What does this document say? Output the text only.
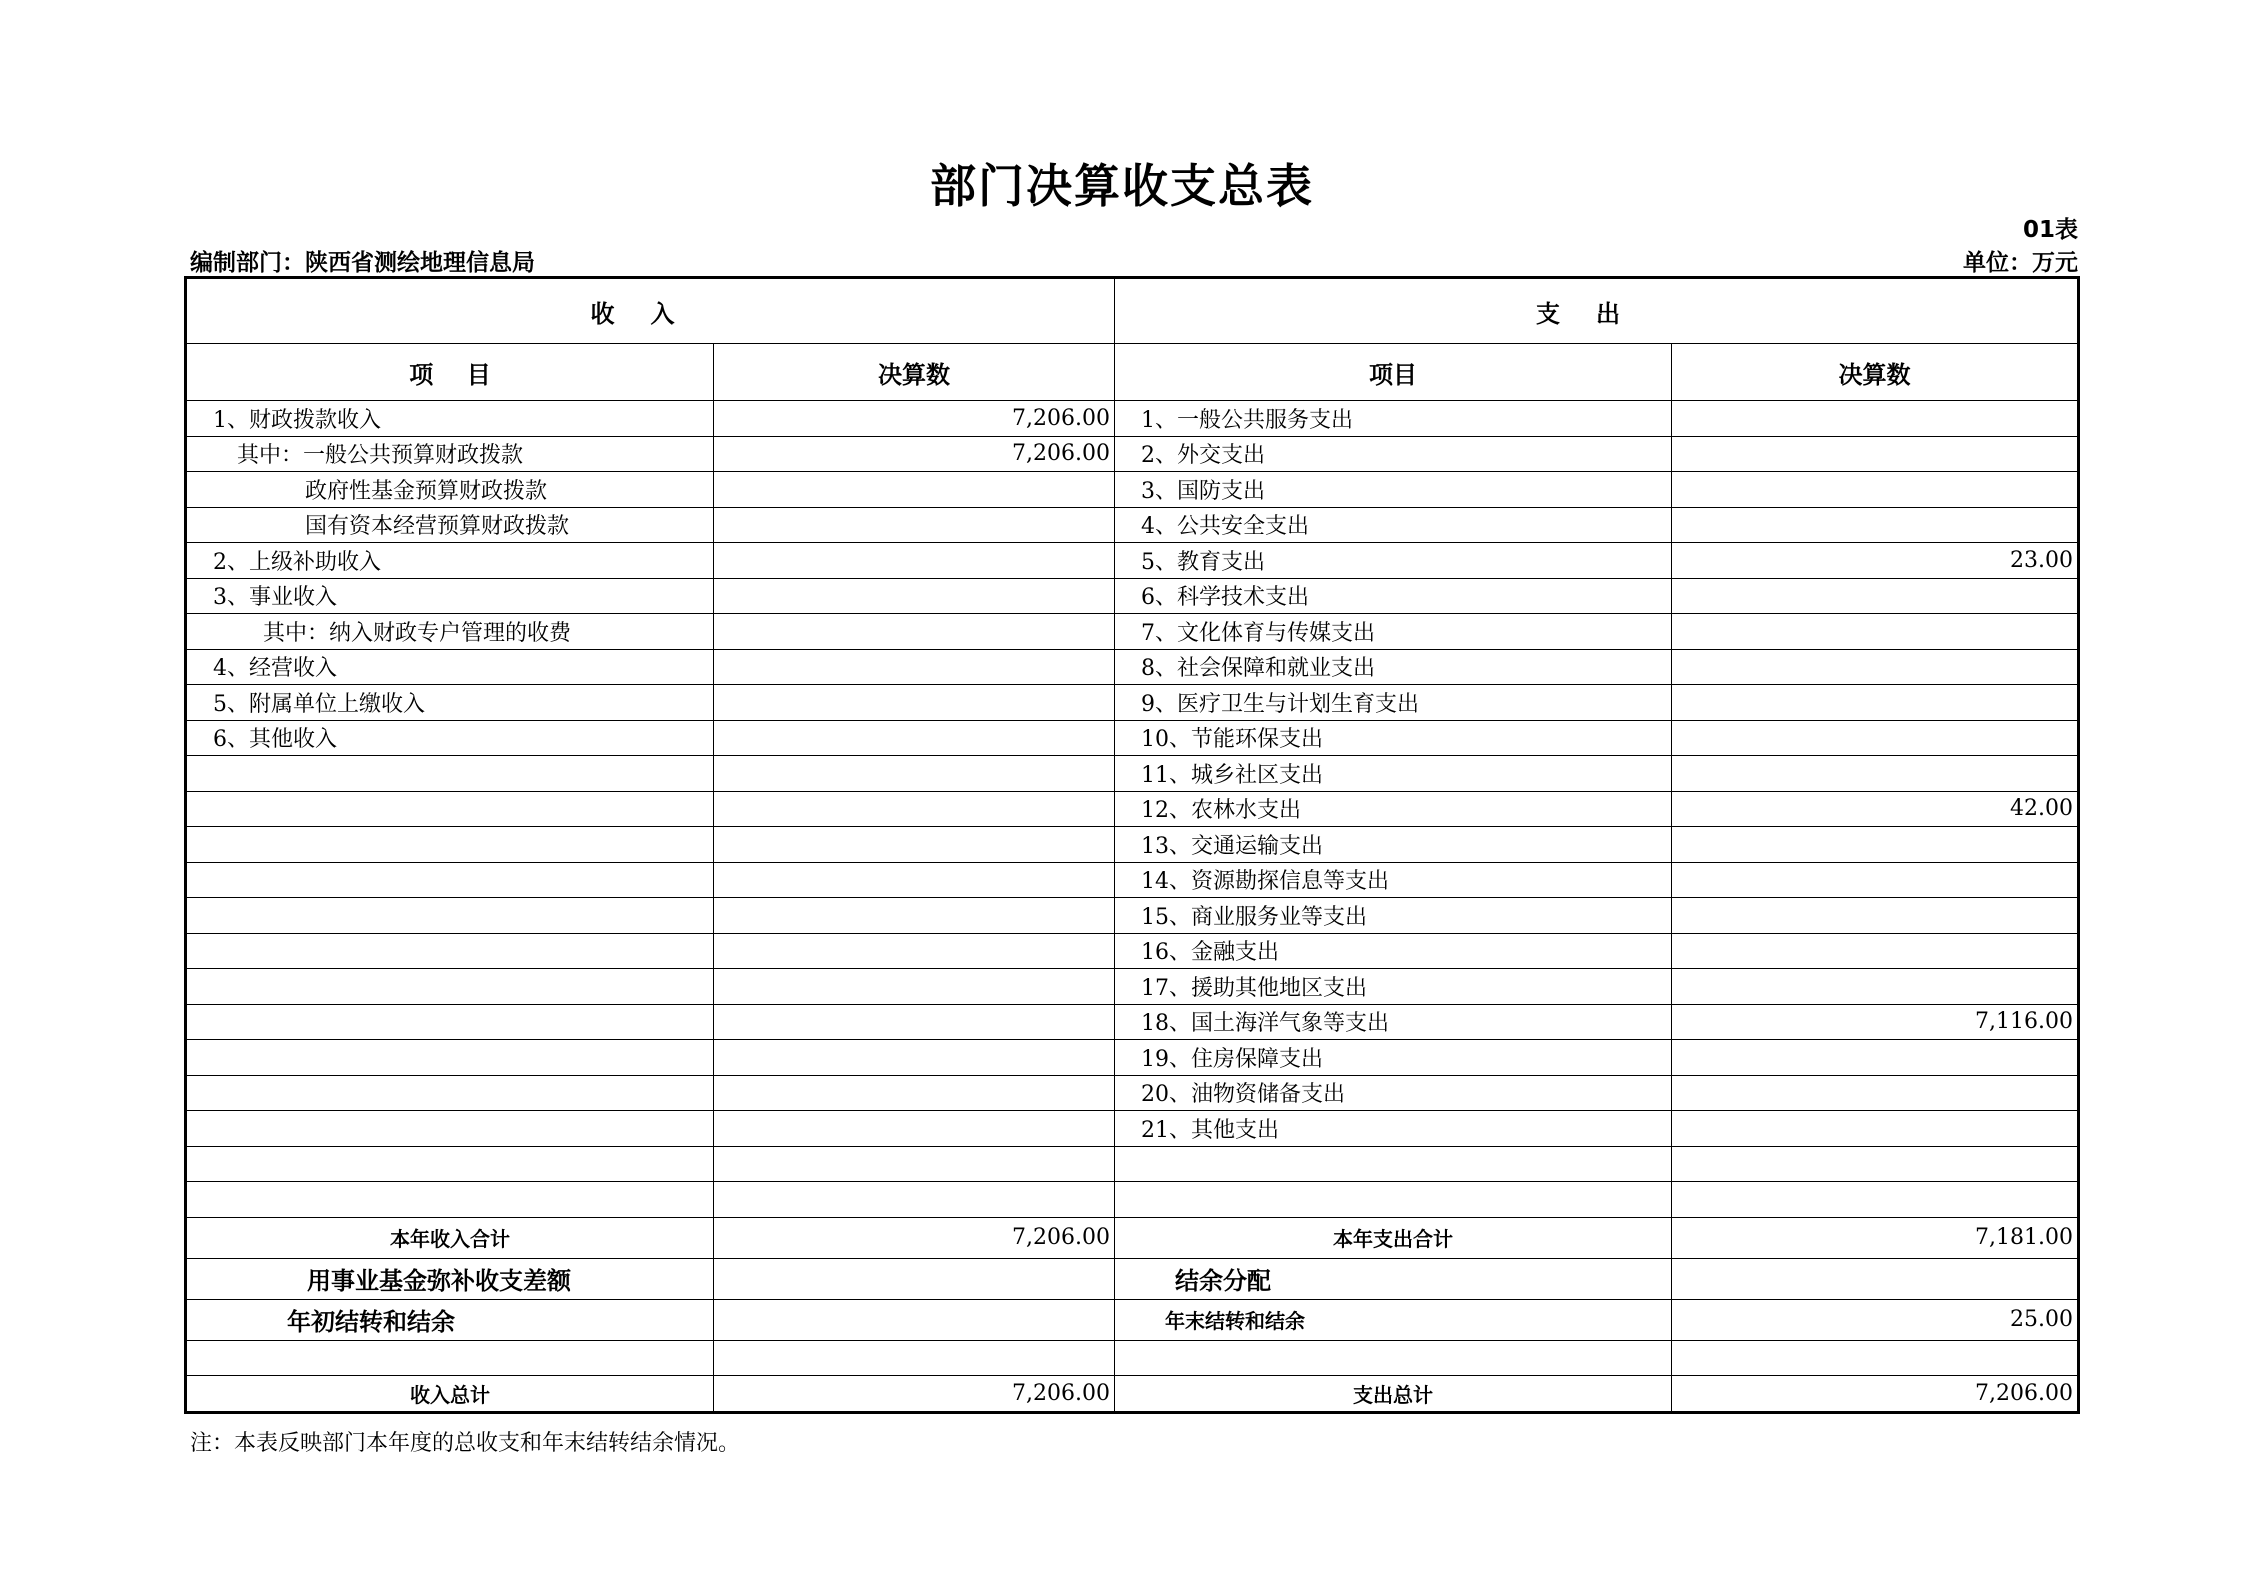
部门决算收支总表
01表
编制部门：陕西省测绘地理信息局	单位：万元
收入		支出	
项    目	决算数	项目	决算数
1、财政拨款收入	7,206.00	1、一般公共服务支出	
其中：一般公共预算财政拨款	7,206.00	2、外交支出	
政府性基金预算财政拨款		3、国防支出	
国有资本经营预算财政拨款		4、公共安全支出	
2、上级补助收入		5、教育支出	23.00
3、事业收入		6、科学技术支出	
其中：纳入财政专户管理的收费		7、文化体育与传媒支出	
4、经营收入		8、社会保障和就业支出	
5、附属单位上缴收入		9、医疗卫生与计划生育支出	
6、其他收入		10、节能环保支出	
		11、城乡社区支出	
		12、农林水支出	42.00
		13、交通运输支出	
		14、资源勘探信息等支出	
		15、商业服务业等支出	
		16、金融支出	
		17、援助其他地区支出	
		18、国土海洋气象等支出	7,116.00
		19、住房保障支出	
		20、油物资储备支出	
		21、其他支出	

本年收入合计	7,206.00	本年支出合计	7,181.00
用事业基金弥补收支差额		结余分配	
年初结转和结余		年末结转和结余	25.00

收入总计	7,206.00	支出总计	7,206.00
注：本表反映部门本年度的总收支和年末结转结余情况。
